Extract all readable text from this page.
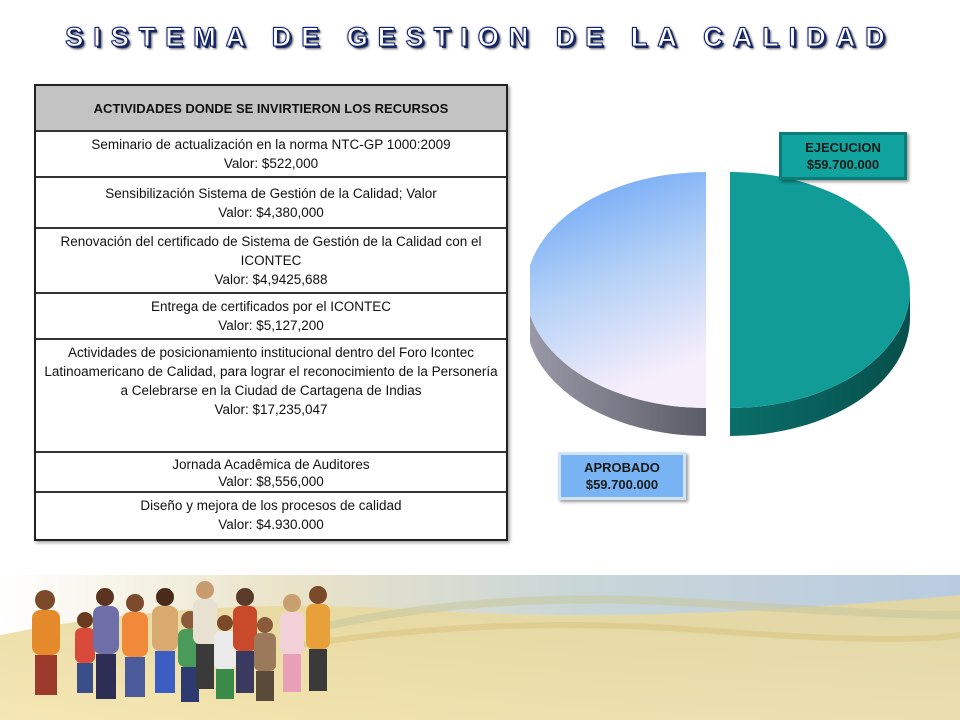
SISTEMA DE GESTION DE LA CALIDAD
ACTIVIDADES DONDE SE INVIRTIERON LOS RECURSOS
Seminario de actualización en la norma NTC-GP 1000:2009
Valor: $522,000
Sensibilización Sistema de Gestión de la Calidad; Valor
Valor: $4,380,000
Renovación del certificado de Sistema de Gestión de la Calidad con el ICONTEC
Valor: $4,9425,688
Entrega de certificados por el ICONTEC
Valor: $5,127,200
Actividades de posicionamiento institucional dentro del Foro Icontec Latinoamericano de Calidad, para lograr el reconocimiento de la Personería a Celebrarse en la Ciudad de Cartagena de Indias
Valor: $17,235,047
Jornada Acadêmica de Auditores
Valor: $8,556,000
Diseño y mejora de los procesos de calidad
Valor: $4.930.000
EJECUCION
$59.700.000
APROBADO
$59.700.000
